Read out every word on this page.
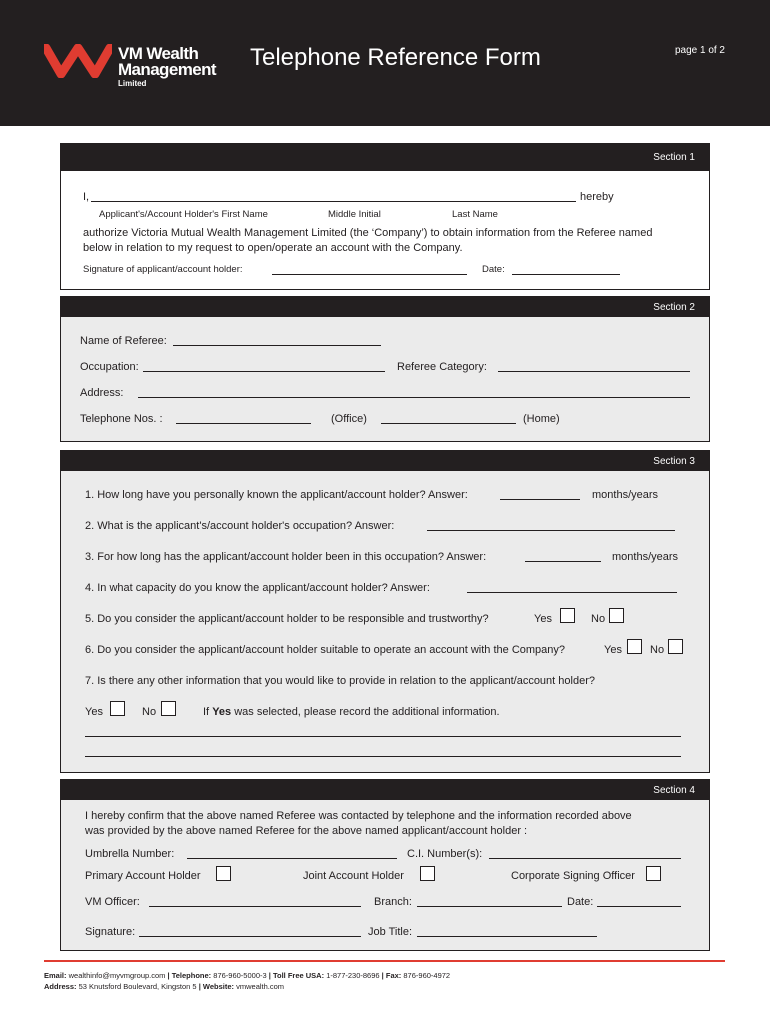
VM Wealth
Management
Limited
Telephone Reference Form	page 1 of 2
Section 1
I,	hereby
Applicant's/Account Holder's First Name	Middle Initial	Last Name
authorize Victoria Mutual Wealth Management Limited (the ‘Company’) to obtain information from the Referee named
below in relation to my request to open/operate an account with the Company.
Signature of applicant/account holder:	Date:
Section 2
Name of Referee:
Occupation:	Referee Category:
Address:
Telephone Nos. :	(Office)	(Home)
Section 3
1. How long have you personally known the applicant/account holder? Answer:	months/years
2. What is the applicant's/account holder's occupation? Answer:
3. For how long has the applicant/account holder been in this occupation? Answer:	months/years
4. In what capacity do you know the applicant/account holder? Answer:
5. Do you consider the applicant/account holder to be responsible and trustworthy?	Yes	No
6. Do you consider the applicant/account holder suitable to operate an account with the Company?	Yes	No
7. Is there any other information that you would like to provide in relation to the applicant/account holder?
Yes	No	If Yes was selected, please record the additional information.
Section 4
I hereby confirm that the above named Referee was contacted by telephone and the information recorded above
was provided by the above named Referee for the above named applicant/account holder :
Umbrella Number:	C.I. Number(s):
Primary Account Holder	Joint Account Holder	Corporate Signing Officer
VM Officer:	Branch:	Date:
Signature:	Job Title:
Email: wealthinfo@myvmgroup.com | Telephone: 876-960-5000-3 | Toll Free USA: 1-877-230-8696 | Fax: 876-960-4972
Address: 53 Knutsford Boulevard, Kingston 5 | Website: vmwealth.com
